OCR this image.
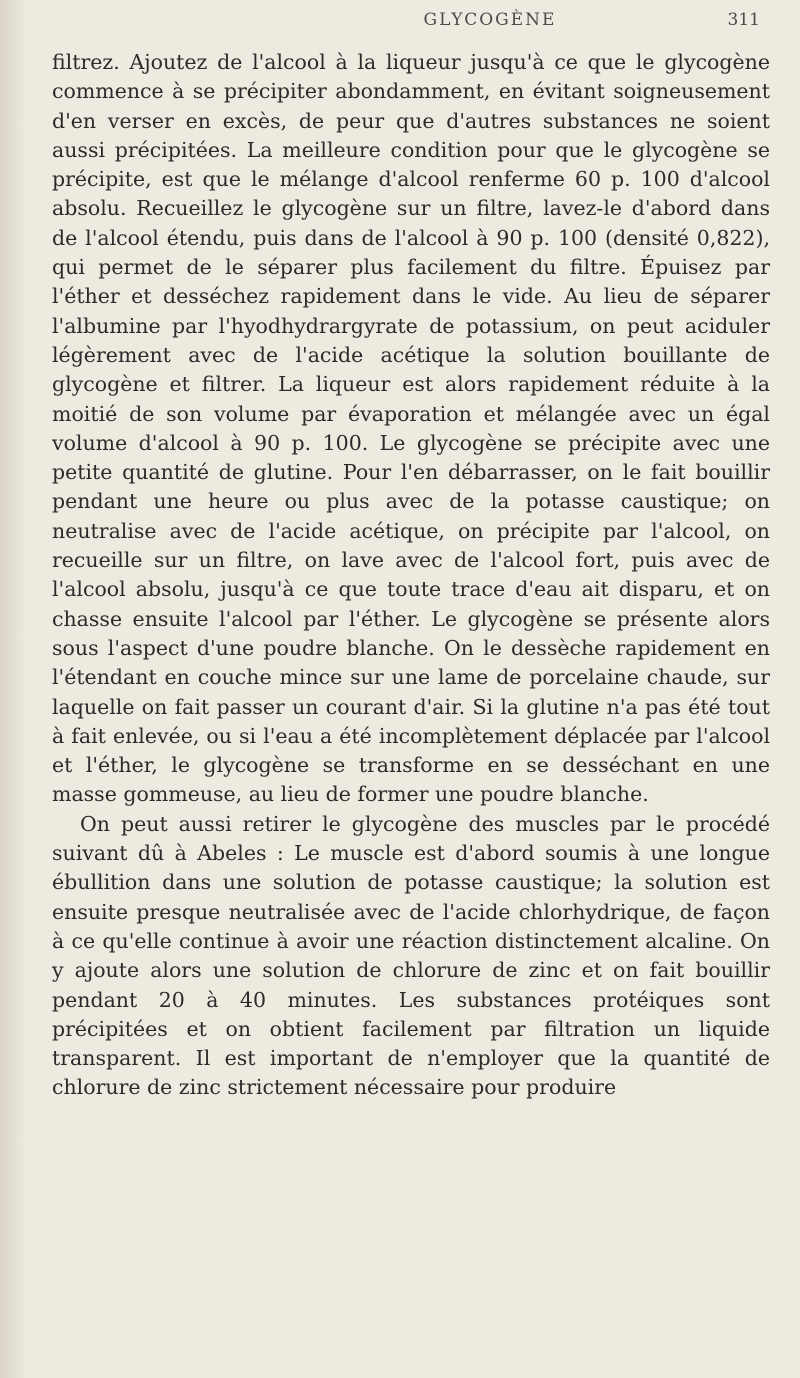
GLYCOGÈNE	311

filtrez. Ajoutez de l'alcool à la liqueur jusqu'à ce que le glycogène commence à se précipiter abondamment, en évitant soigneusement d'en verser en excès, de peur que d'autres substances ne soient aussi précipitées. La meilleure condition pour que le glycogène se précipite, est que le mélange d'alcool renferme 60 p. 100 d'alcool absolu. Recueillez le glycogène sur un filtre, lavez-le d'abord dans de l'alcool étendu, puis dans de l'alcool à 90 p. 100 (densité 0,822), qui permet de le séparer plus facilement du filtre. Épuisez par l'éther et desséchez rapidement dans le vide. Au lieu de séparer l'albumine par l'hyodhydrargyrate de potassium, on peut aciduler légèrement avec de l'acide acétique la solution bouillante de glycogène et filtrer. La liqueur est alors rapidement réduite à la moitié de son volume par évaporation et mélangée avec un égal volume d'alcool à 90 p. 100. Le glycogène se précipite avec une petite quantité de glutine. Pour l'en débarrasser, on le fait bouillir pendant une heure ou plus avec de la potasse caustique; on neutralise avec de l'acide acétique, on précipite par l'alcool, on recueille sur un filtre, on lave avec de l'alcool fort, puis avec de l'alcool absolu, jusqu'à ce que toute trace d'eau ait disparu, et on chasse ensuite l'alcool par l'éther. Le glycogène se présente alors sous l'aspect d'une poudre blanche. On le dessèche rapidement en l'étendant en couche mince sur une lame de porcelaine chaude, sur laquelle on fait passer un courant d'air. Si la glutine n'a pas été tout à fait enlevée, ou si l'eau a été incomplètement déplacée par l'alcool et l'éther, le glycogène se transforme en se desséchant en une masse gommeuse, au lieu de former une poudre blanche.

On peut aussi retirer le glycogène des muscles par le procédé suivant dû à Abeles : Le muscle est d'abord soumis à une longue ébullition dans une solution de potasse caustique; la solution est ensuite presque neutralisée avec de l'acide chlorhydrique, de façon à ce qu'elle continue à avoir une réaction distinctement alcaline. On y ajoute alors une solution de chlorure de zinc et on fait bouillir pendant 20 à 40 minutes. Les substances protéiques sont précipitées et on obtient facilement par filtration un liquide transparent. Il est important de n'employer que la quantité de chlorure de zinc strictement nécessaire pour produire
